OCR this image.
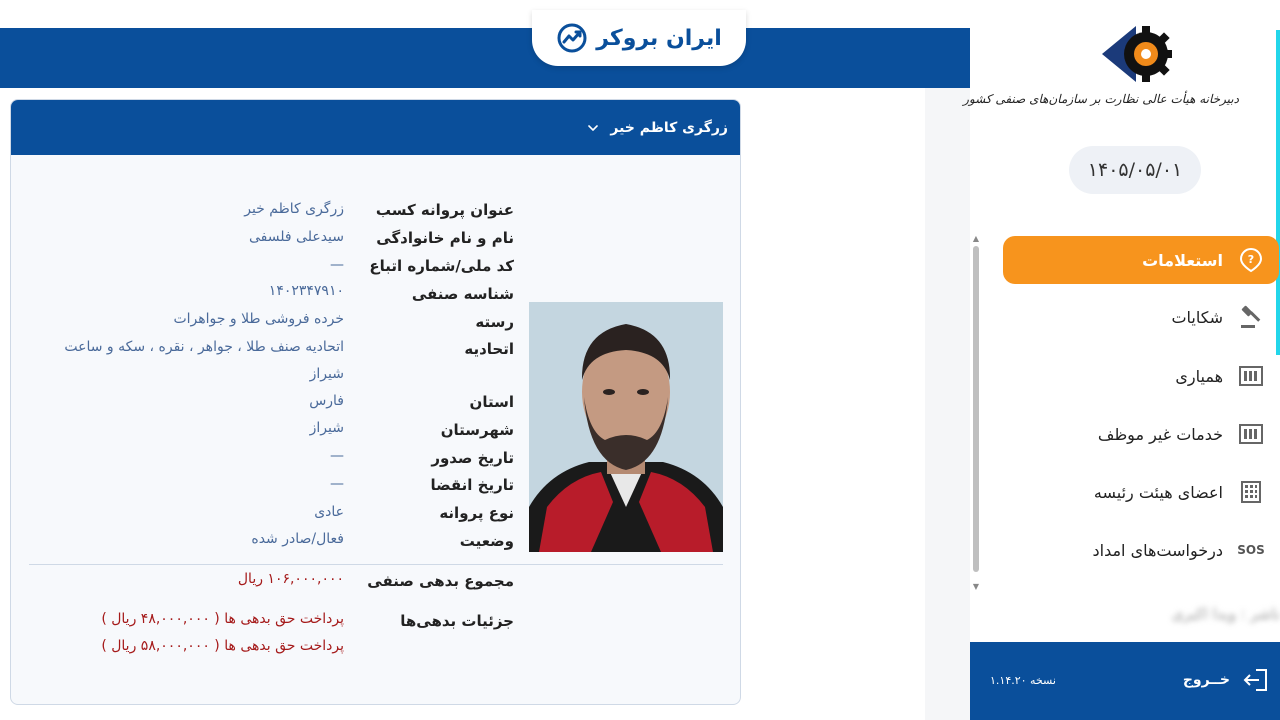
ایران بروکر
زرگری کاظم خیر
عنوان پروانه کسب
نام و نام خانوادگی
کد ملی/شماره اتباع
شناسه صنفی
رسته
اتحادیه
استان
شهرستان
تاریخ صدور
تاریخ انقضا
نوع پروانه
وضعیت
زرگری کاظم خیر
سیدعلی فلسفی
—
۱۴۰۲۳۴۷۹۱۰
خرده فروشی طلا و جواهرات
اتحادیه صنف طلا ، جواهر ، نقره ، سکه و ساعت
شیراز
فارس
شیراز
—
—
عادی
فعال/صادر شده
مجموع بدهی صنفی
۱۰۶,۰۰۰,۰۰۰ ریال
جزئیات بدهی‌ها
پرداخت حق بدهی ها ( ۴۸,۰۰۰,۰۰۰ ریال )
پرداخت حق بدهی ها ( ۵۸,۰۰۰,۰۰۰ ریال )
▲
▼
دبیرخانه هیأت عالی نظارت بر سازمان‌های صنفی کشور
۱۴۰۵/۰۵/۰۱
?
استعلامات
شکایات
همیاری
خدمات غیر موظف
اعضای هیئت رئیسه
SOS
درخواست‌های امداد
ناشر : ویدا اکبری
خــروج
نسخه ۱.۱۴.۲۰
